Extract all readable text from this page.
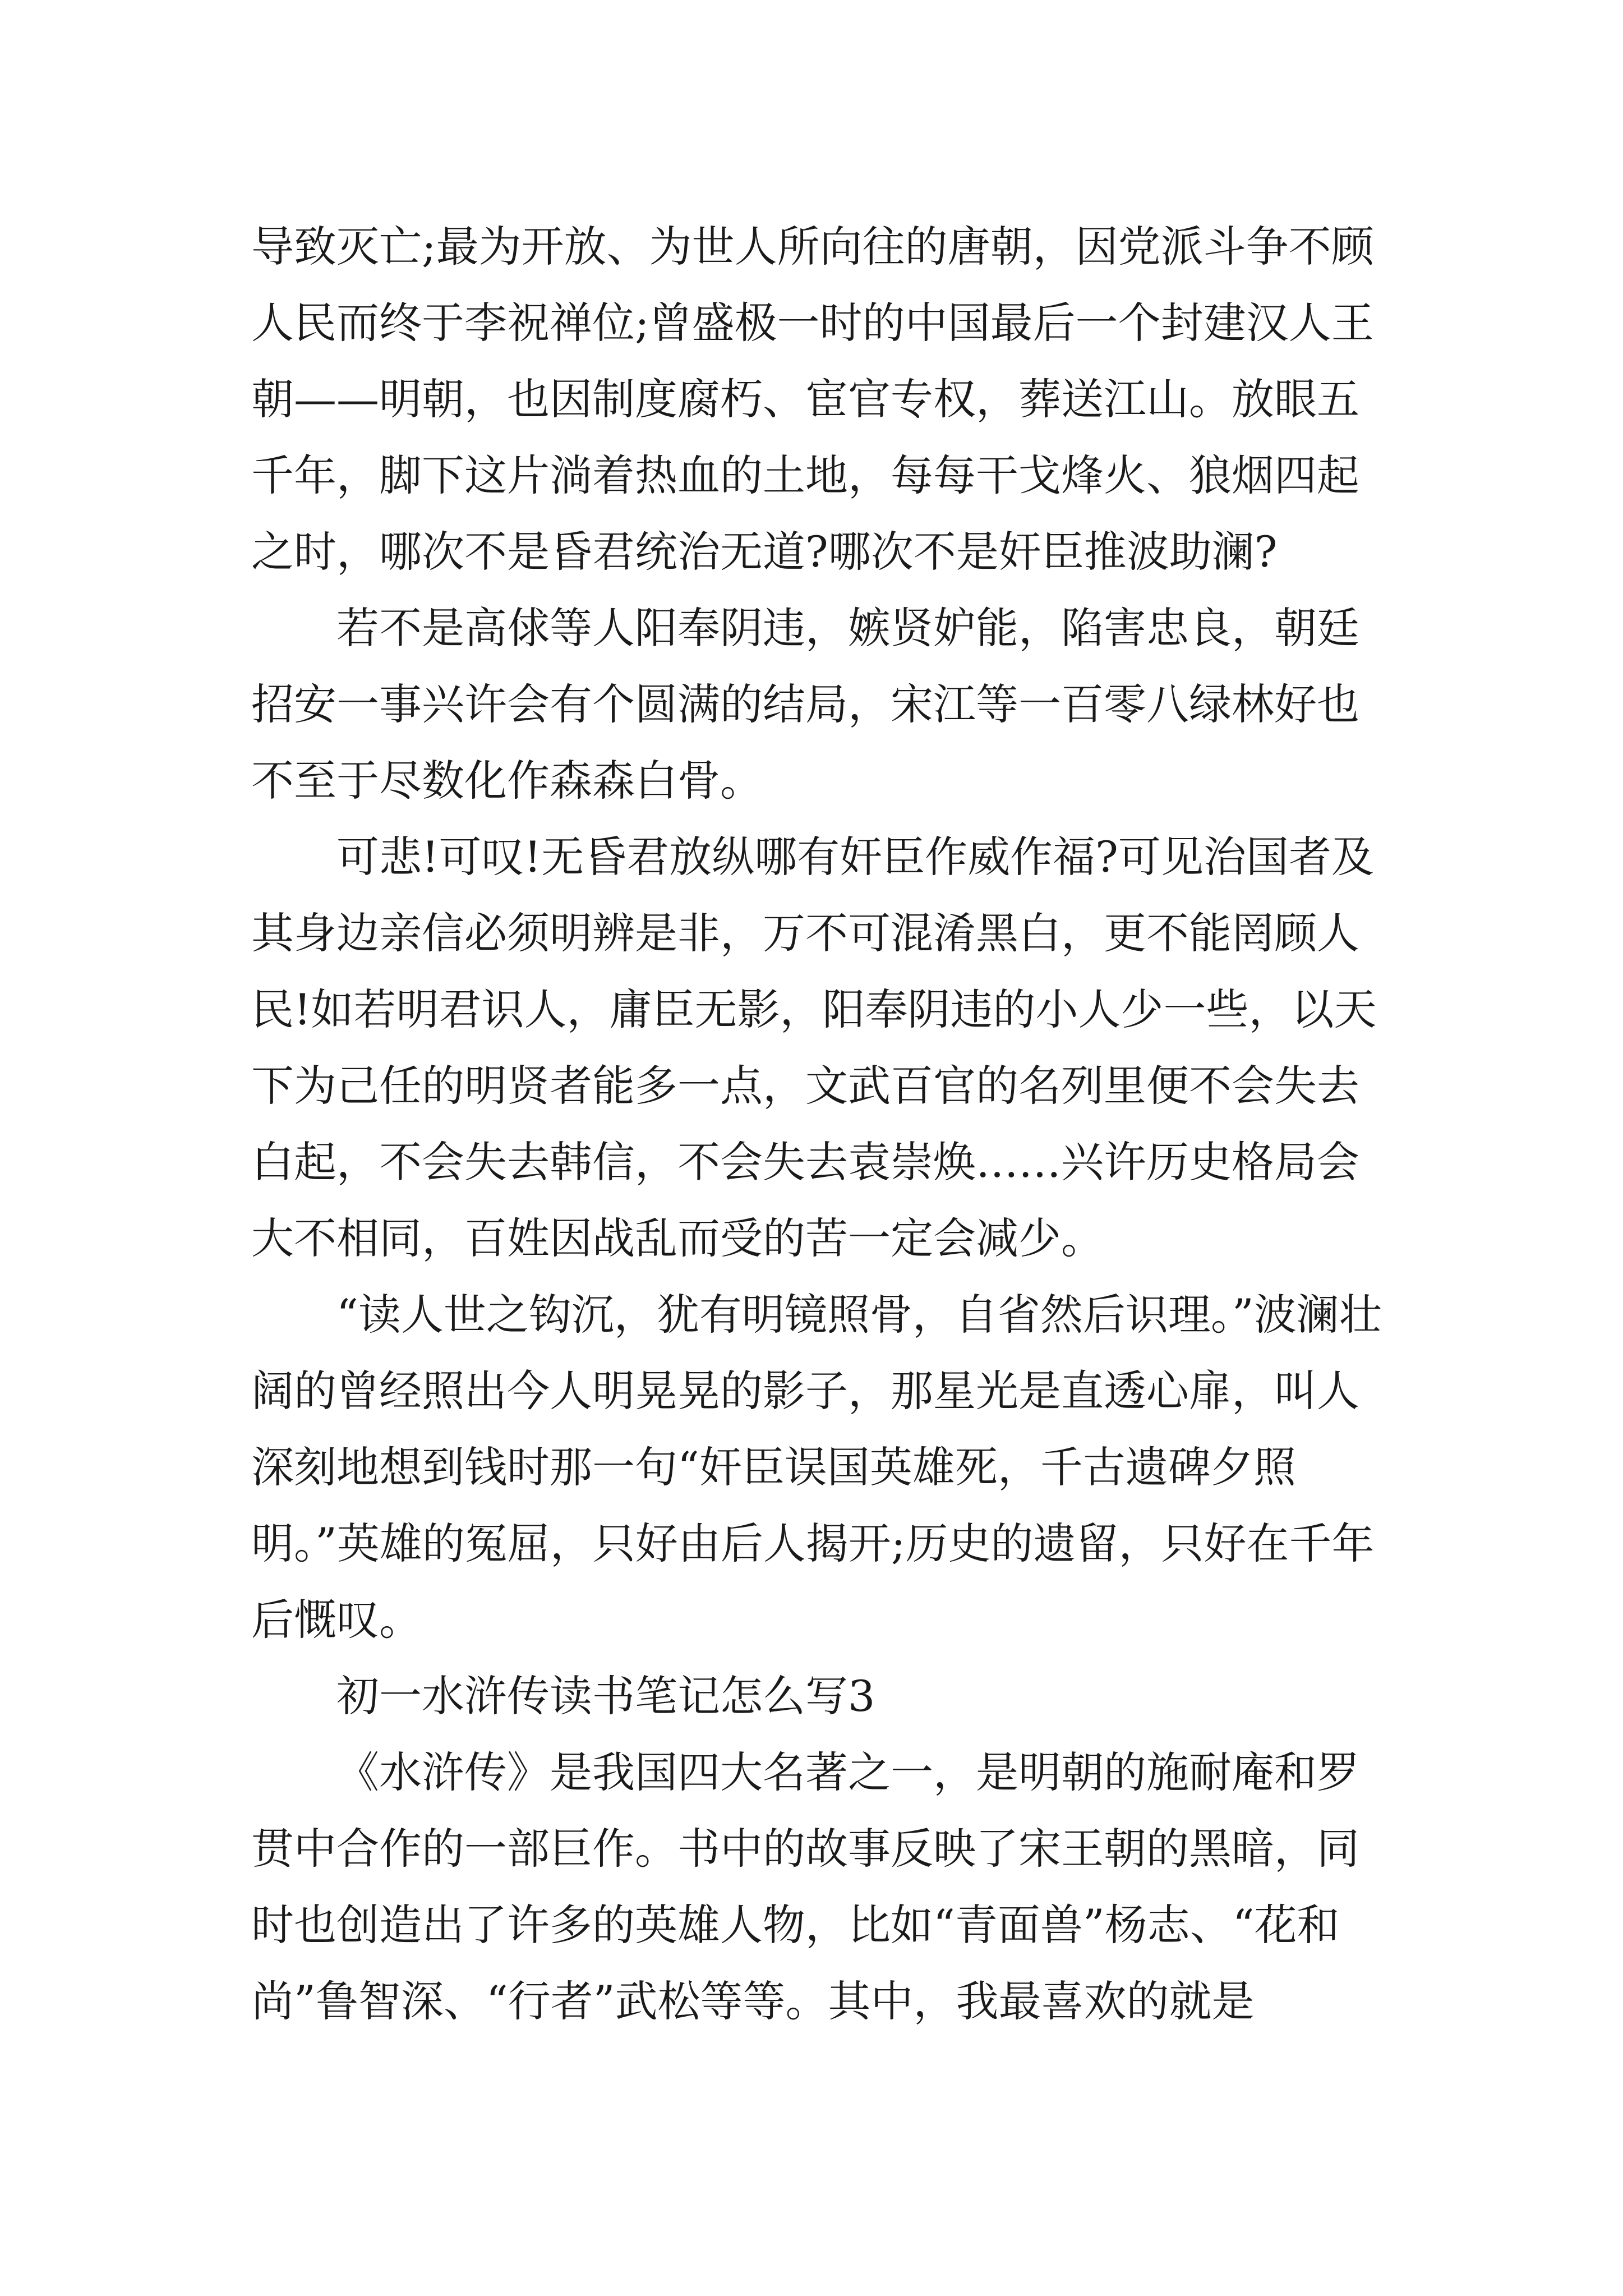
导致灭亡;最为开放、为世人所向往的唐朝，因党派斗争不顾人民而终于李祝禅位;曾盛极一时的中国最后一个封建汉人王朝——明朝，也因制度腐朽、宦官专权，葬送江山。放眼五千年，脚下这片淌着热血的土地，每每干戈烽火、狼烟四起之时，哪次不是昏君统治无道?哪次不是奸臣推波助澜?

若不是高俅等人阳奉阴违，嫉贤妒能，陷害忠良，朝廷招安一事兴许会有个圆满的结局，宋江等一百零八绿林好也不至于尽数化作森森白骨。

可悲!可叹!无昏君放纵哪有奸臣作威作福?可见治国者及其身边亲信必须明辨是非，万不可混淆黑白，更不能罔顾人民!如若明君识人，庸臣无影，阳奉阴违的小人少一些，以天下为己任的明贤者能多一点，文武百官的名列里便不会失去白起，不会失去韩信，不会失去袁崇焕……兴许历史格局会大不相同，百姓因战乱而受的苦一定会减少。

“读人世之钩沉，犹有明镜照骨，自省然后识理。”波澜壮阔的曾经照出今人明晃晃的影子，那星光是直透心扉，叫人深刻地想到钱时那一句“奸臣误国英雄死，千古遗碑夕照明。”英雄的冤屈，只好由后人揭开;历史的遗留，只好在千年后慨叹。

初一水浒传读书笔记怎么写3

《水浒传》是我国四大名著之一，是明朝的施耐庵和罗贯中合作的一部巨作。书中的故事反映了宋王朝的黑暗，同时也创造出了许多的英雄人物，比如“青面兽”杨志、“花和尚”鲁智深、“行者”武松等等。其中，我最喜欢的就是
